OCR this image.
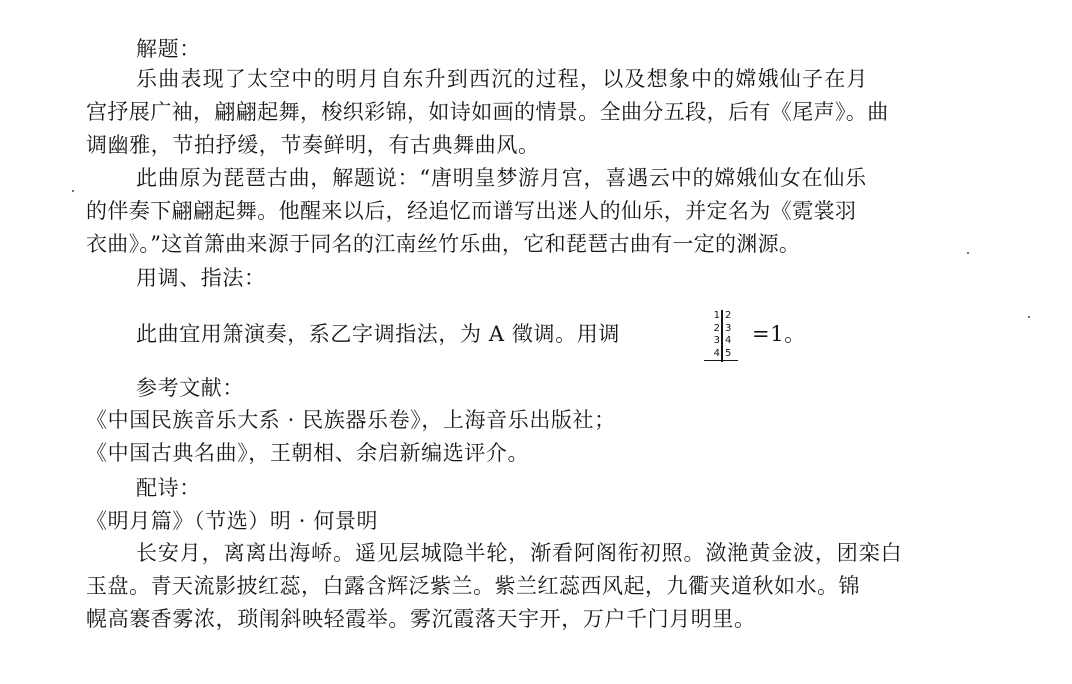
解题：
乐曲表现了太空中的明月自东升到西沉的过程，以及想象中的嫦娥仙子在月
宫抒展广袖，翩翩起舞，梭织彩锦，如诗如画的情景。全曲分五段，后有《尾声》。曲
调幽雅，节拍抒缓，节奏鲜明，有古典舞曲风。
此曲原为琵琶古曲，解题说：“唐明皇梦游月宫，喜遇云中的嫦娥仙女在仙乐
的伴奏下翩翩起舞。他醒来以后，经追忆而谱写出迷人的仙乐，并定名为《霓裳羽
衣曲》。”这首箫曲来源于同名的江南丝竹乐曲，它和琵琶古曲有一定的渊源。
用调、指法：
此曲宜用箫演奏，系乙字调指法，为 A 徵调。用调
1
2
3
4
2
3
4
5
=1。
参考文献：
《中国民族音乐大系 · 民族器乐卷》，上海音乐出版社；
《中国古典名曲》，王朝相、余启新编选评介。
配诗：
《明月篇》（节选）明 · 何景明
长安月，离离出海峤。遥见层城隐半轮，渐看阿阁衔初照。潋滟黄金波，团栾白
玉盘。青天流影披红蕊，白露含辉泛紫兰。紫兰红蕊西风起，九衢夹道秋如水。锦
幌高褰香雾浓，琐闱斜映轻霞举。雾沉霞落天宇开，万户千门月明里。
